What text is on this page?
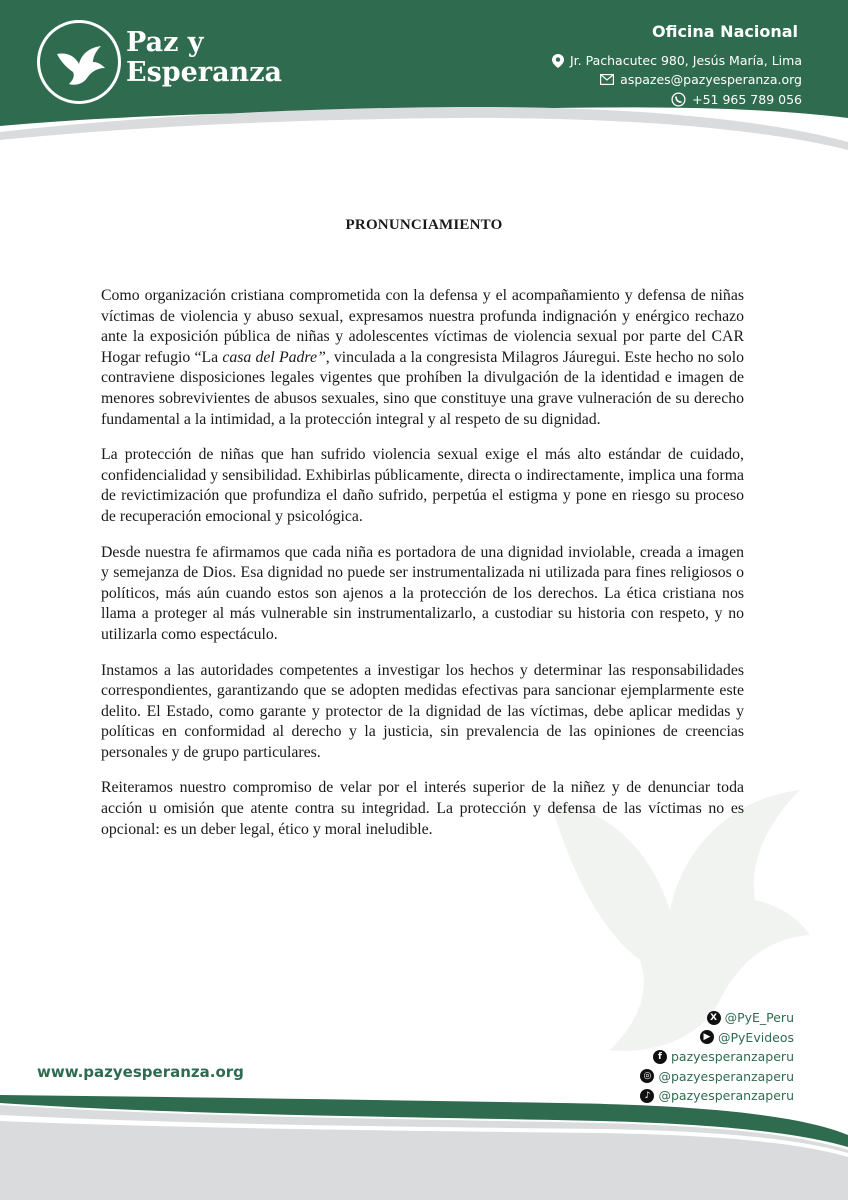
Paz y
Esperanza
Oficina Nacional
Jr. Pachacutec 980, Jesús María, Lima
aspazes@pazyesperanza.org
+51 965 789 056
PRONUNCIAMIENTO

Como organización cristiana comprometida con la defensa y el acompañamiento y defensa de niñas víctimas de violencia y abuso sexual, expresamos nuestra profunda indignación y enérgico rechazo ante la exposición pública de niñas y adolescentes víctimas de violencia sexual por parte del CAR Hogar refugio “La casa del Padre”, vinculada a la congresista Milagros Jáuregui. Este hecho no solo contraviene disposiciones legales vigentes que prohíben la divulgación de la identidad e imagen de menores sobrevivientes de abusos sexuales, sino que constituye una grave vulneración de su derecho fundamental a la intimidad, a la protección integral y al respeto de su dignidad.

La protección de niñas que han sufrido violencia sexual exige el más alto estándar de cuidado, confidencialidad y sensibilidad. Exhibirlas públicamente, directa o indirectamente, implica una forma de revictimización que profundiza el daño sufrido, perpetúa el estigma y pone en riesgo su proceso de recuperación emocional y psicológica.

Desde nuestra fe afirmamos que cada niña es portadora de una dignidad inviolable, creada a imagen y semejanza de Dios. Esa dignidad no puede ser instrumentalizada ni utilizada para fines religiosos o políticos, más aún cuando estos son ajenos a la protección de los derechos. La ética cristiana nos llama a proteger al más vulnerable sin instrumentalizarlo, a custodiar su historia con respeto, y no utilizarla como espectáculo.

Instamos a las autoridades competentes a investigar los hechos y determinar las responsabilidades correspondientes, garantizando que se adopten medidas efectivas para sancionar ejemplarmente este delito. El Estado, como garante y protector de la dignidad de las víctimas, debe aplicar medidas y políticas en conformidad al derecho y la justicia, sin prevalencia de las opiniones de creencias personales y de grupo particulares.

Reiteramos nuestro compromiso de velar por el interés superior de la niñez y de denunciar toda acción u omisión que atente contra su integridad. La protección y defensa de las víctimas no es opcional: es un deber legal, ético y moral ineludible.

www.pazyesperanza.org
X @PyE_Peru
▶ @PyEvideos
f pazyesperanzaperu
◎ @pazyesperanzaperu
♪ @pazyesperanzaperu
